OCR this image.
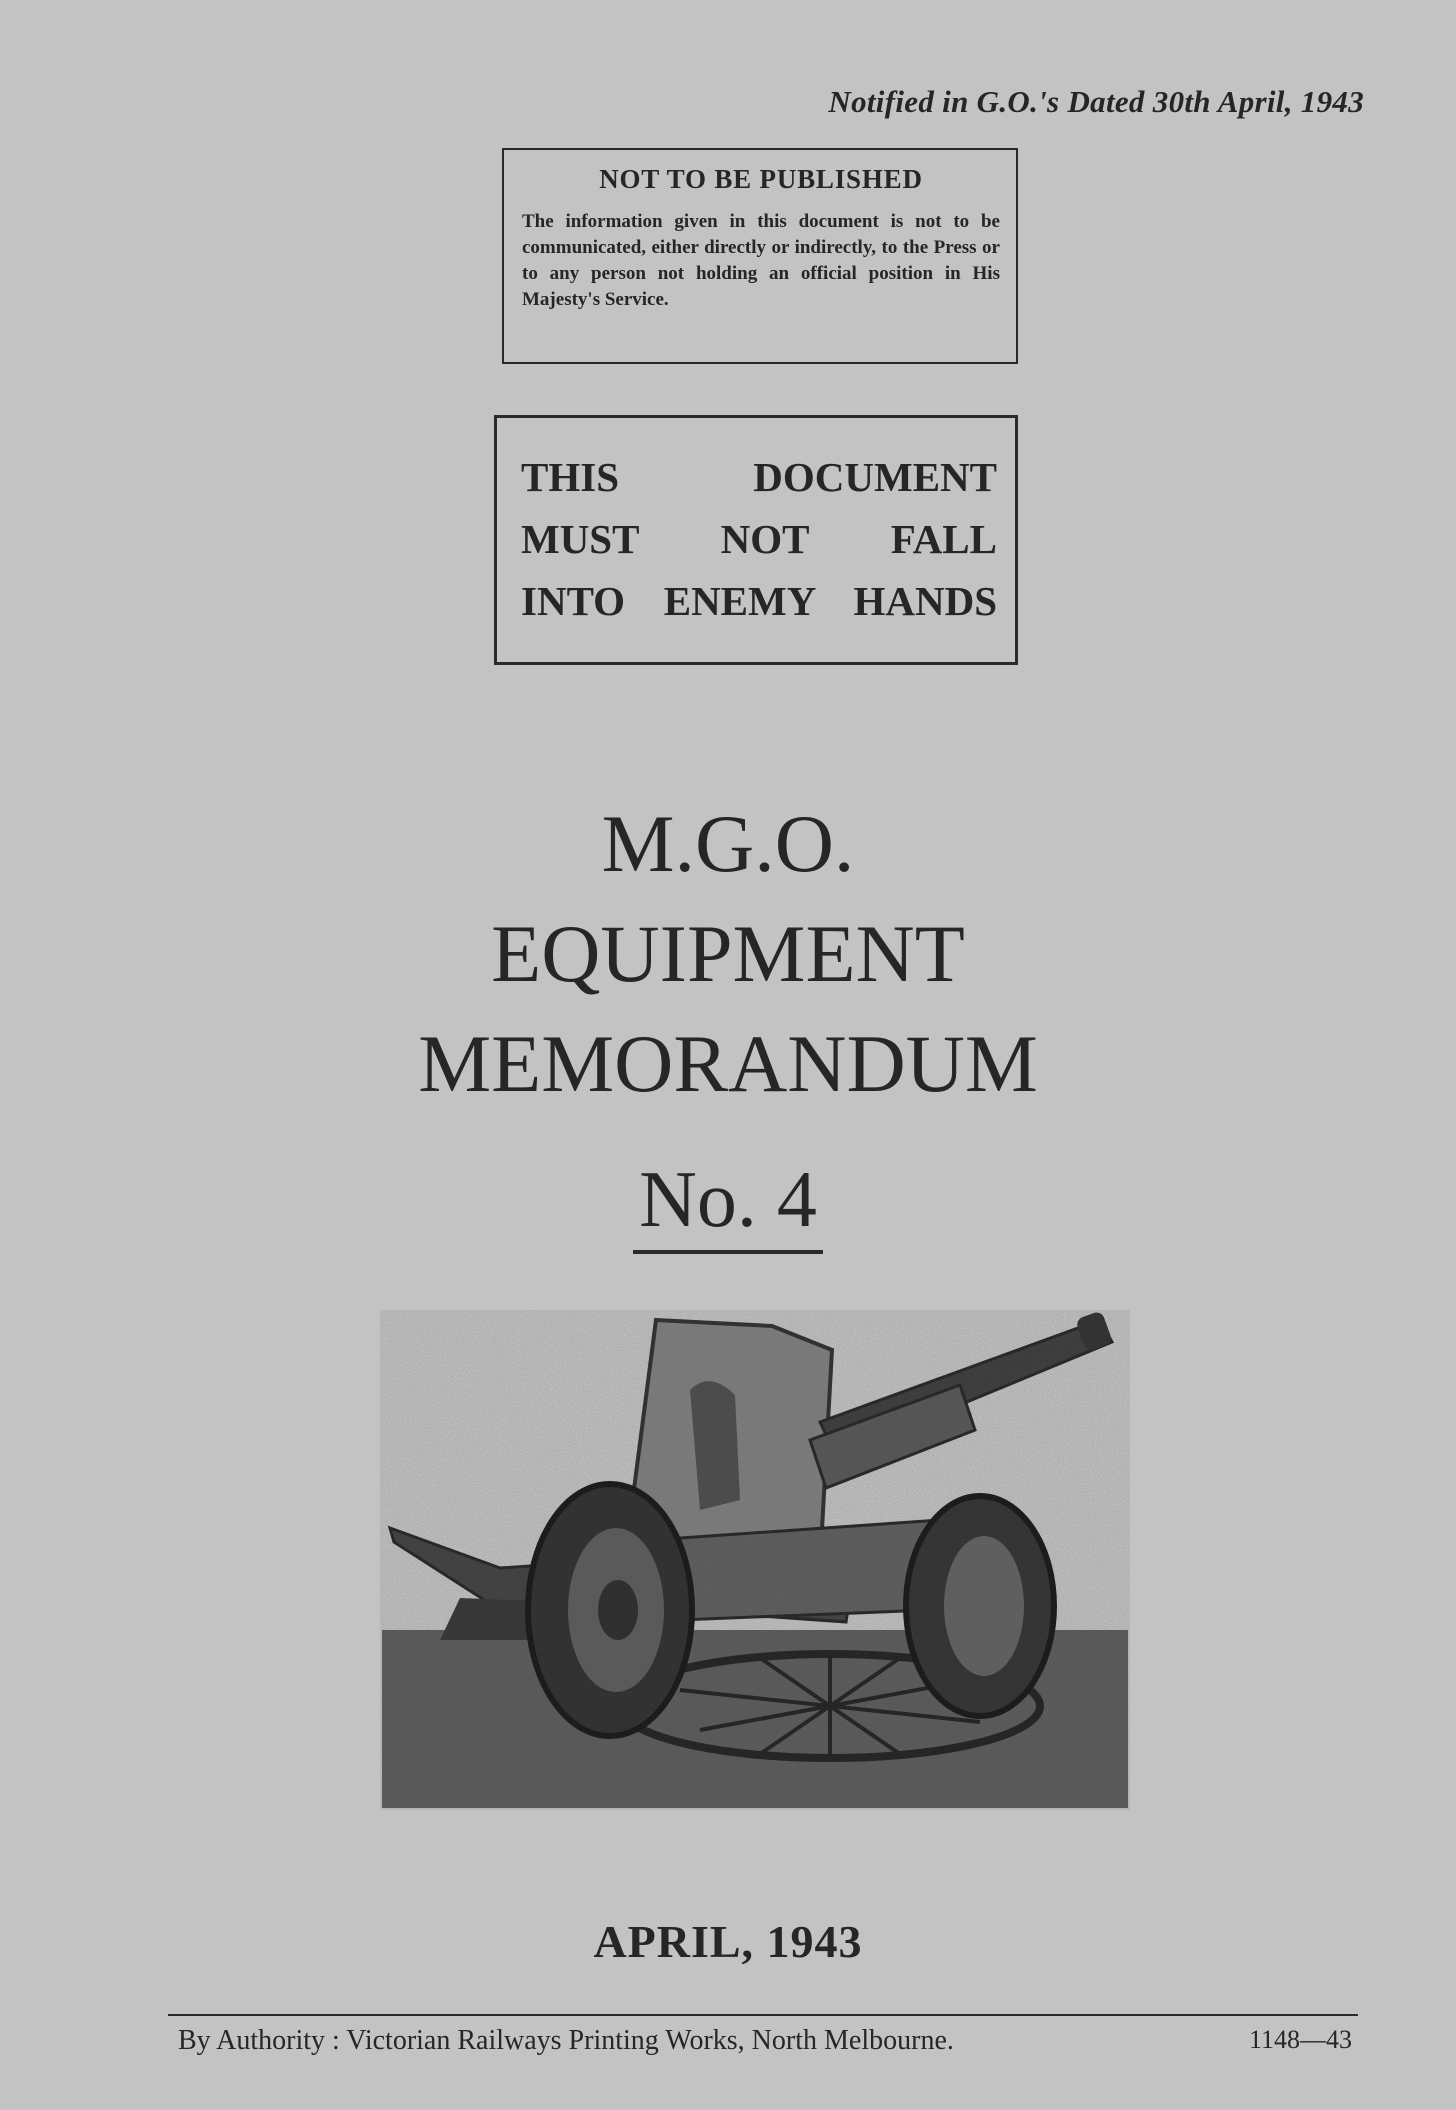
Notified in G.O.'s Dated 30th April, 1943
NOT TO BE PUBLISHED
The information given in this document is not to be communicated, either directly or indirectly, to the Press or to any person not holding an official position in His Majesty's Service.
THIS DOCUMENT
MUST NOT FALL
INTO ENEMY HANDS
M.G.O.
EQUIPMENT
MEMORANDUM
No. 4
APRIL, 1943
By Authority : Victorian Railways Printing Works, North Melbourne.	1148—43
